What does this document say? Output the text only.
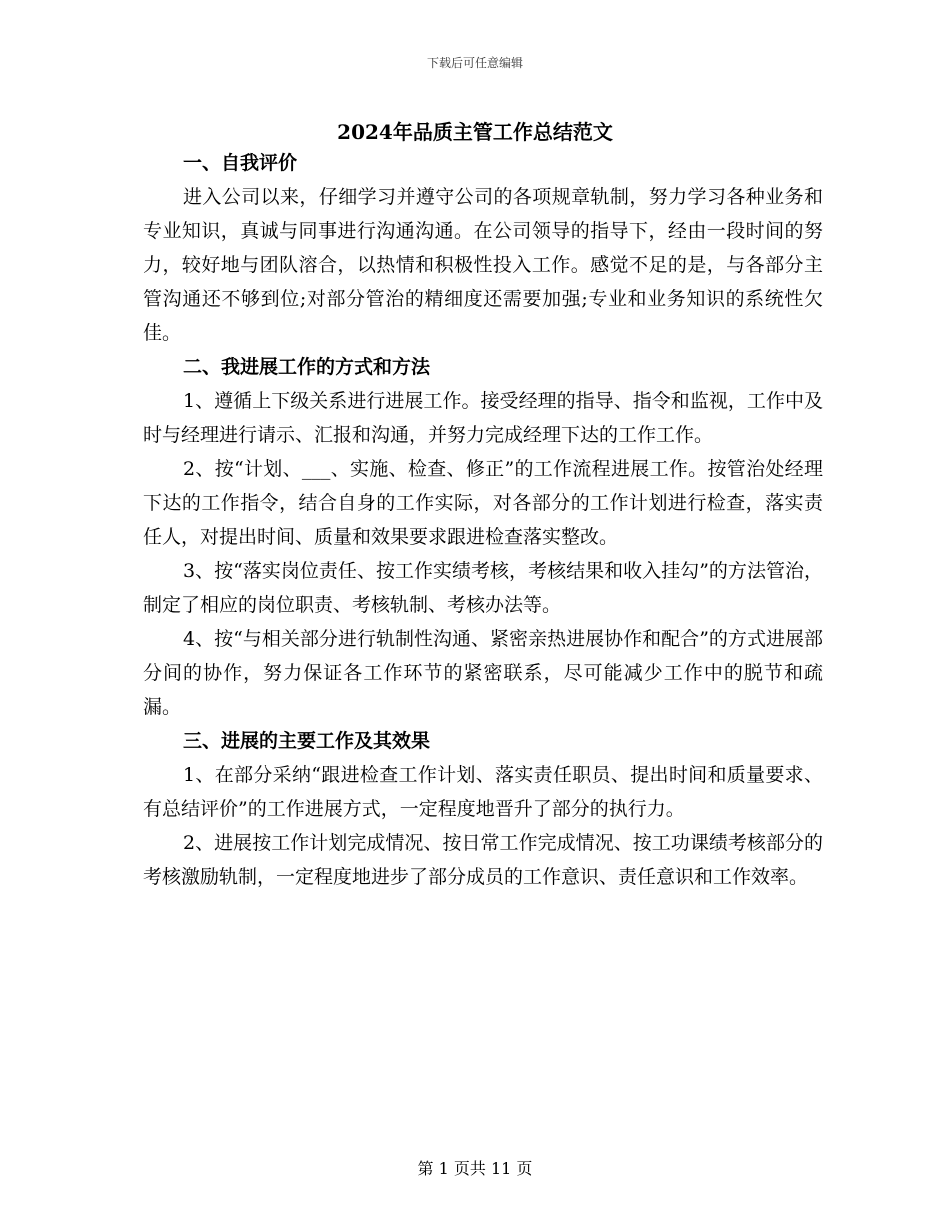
下载后可任意编辑
2024年品质主管工作总结范文
一、自我评价
进入公司以来，仔细学习并遵守公司的各项规章轨制，努力学习各种业务和专业知识，真诚与同事进行沟通沟通。在公司领导的指导下，经由一段时间的努力，较好地与团队溶合，以热情和积极性投入工作。感觉不足的是，与各部分主管沟通还不够到位;对部分管治的精细度还需要加强;专业和业务知识的系统性欠佳。
二、我进展工作的方式和方法
1、遵循上下级关系进行进展工作。接受经理的指导、指令和监视，工作中及时与经理进行请示、汇报和沟通，并努力完成经理下达的工作工作。
2、按“计划、___、实施、检查、修正”的工作流程进展工作。按管治处经理下达的工作指令，结合自身的工作实际，对各部分的工作计划进行检查，落实责任人，对提出时间、质量和效果要求跟进检查落实整改。
3、按“落实岗位责任、按工作实绩考核，考核结果和收入挂勾”的方法管治，制定了相应的岗位职责、考核轨制、考核办法等。
4、按“与相关部分进行轨制性沟通、紧密亲热进展协作和配合”的方式进展部分间的协作，努力保证各工作环节的紧密联系，尽可能减少工作中的脱节和疏漏。
三、进展的主要工作及其效果
1、在部分采纳“跟进检查工作计划、落实责任职员、提出时间和质量要求、有总结评价”的工作进展方式，一定程度地晋升了部分的执行力。
2、进展按工作计划完成情况、按日常工作完成情况、按工功课绩考核部分的考核激励轨制，一定程度地进步了部分成员的工作意识、责任意识和工作效率。
第 1 页共 11 页
